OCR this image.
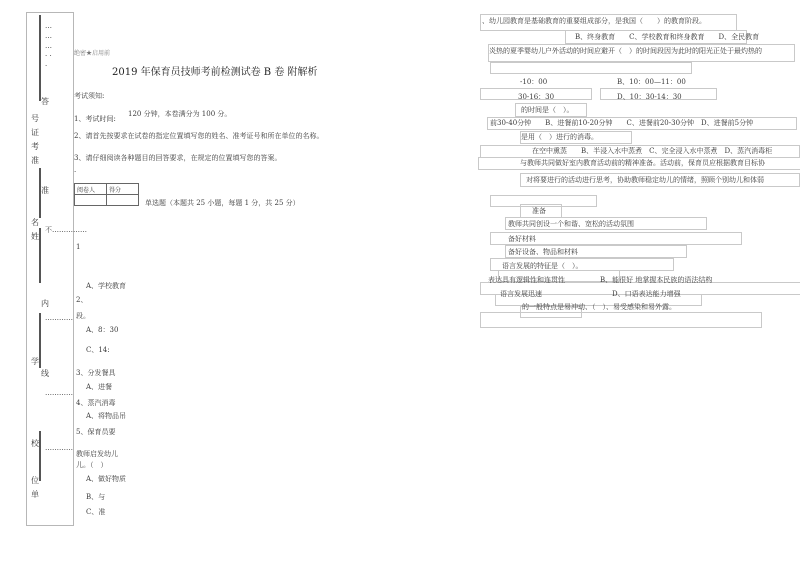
… … … · · ·
答
号
证
考
准
准
名
姓
不……………
内
…………
学
线
…………
校 …………
位
单
绝密★启用前
2019 年保育员技师考前检测试卷 B 卷 附解析
考试须知:
1、考试时间:
120 分钟，本卷满分为 100 分。
2、请首先按要求在试卷的指定位置填写您的姓名、准考证号和所在单位的名称。
3、请仔细阅读各种题目的回答要求，在规定的位置填写您的答案。
·
阅卷人	得分

单选题（本题共 25 小题，每题 1 分，共 25 分）
1
A、学校教育
2、
段。
A、8：30
C、14:
3、分发餐具
A、进餐
4、蒸汽消毒
A、将物品吊
5、保育员要
教师启发幼儿
儿。（　）
A、做好物质
B、与
C、准
、幼儿园教育是基础教育的重要组成部分，是我国（　　）的教育阶段。
B、终身教育　　C、学校教育和终身教育　　D、全民教育
炎热的夏季婴幼儿户外活动的时间应避开（　）的时间段因为此时的阳光正处于最灼热的
-10：00	B、10：00—11：00
30-16：30	D、10：30-14：30
的时间是（　）。
前30-40分钟　　B、进餐前10-20分钟　　C、进餐前20-30分钟　D、进餐前5分钟
是用（　）进行的消毒。
在空中熏蒸　　B、半浸入水中蒸煮　C、完全浸入水中蒸煮　D、蒸汽消毒柜
与教师共同做好室内教育活动前的精神准备。活动前，保育员应根据教育目标协
对将要进行的活动进行思考，协助教师稳定幼儿的情绪，照顾个别幼儿和体弱
准备
教师共同创设一个和谐、宽松的活动氛围
备好材料
备好设备、物品和材料
语言发展的特征是（　）。
表达具有逻辑性和连贯性　　　　　B、能很好 地掌握本民族的语法结构
语言发展迅速　　　　　　　　　　D、口语表达能力增强
的一般特点是易冲动、（　）、易受感染和易外露。
